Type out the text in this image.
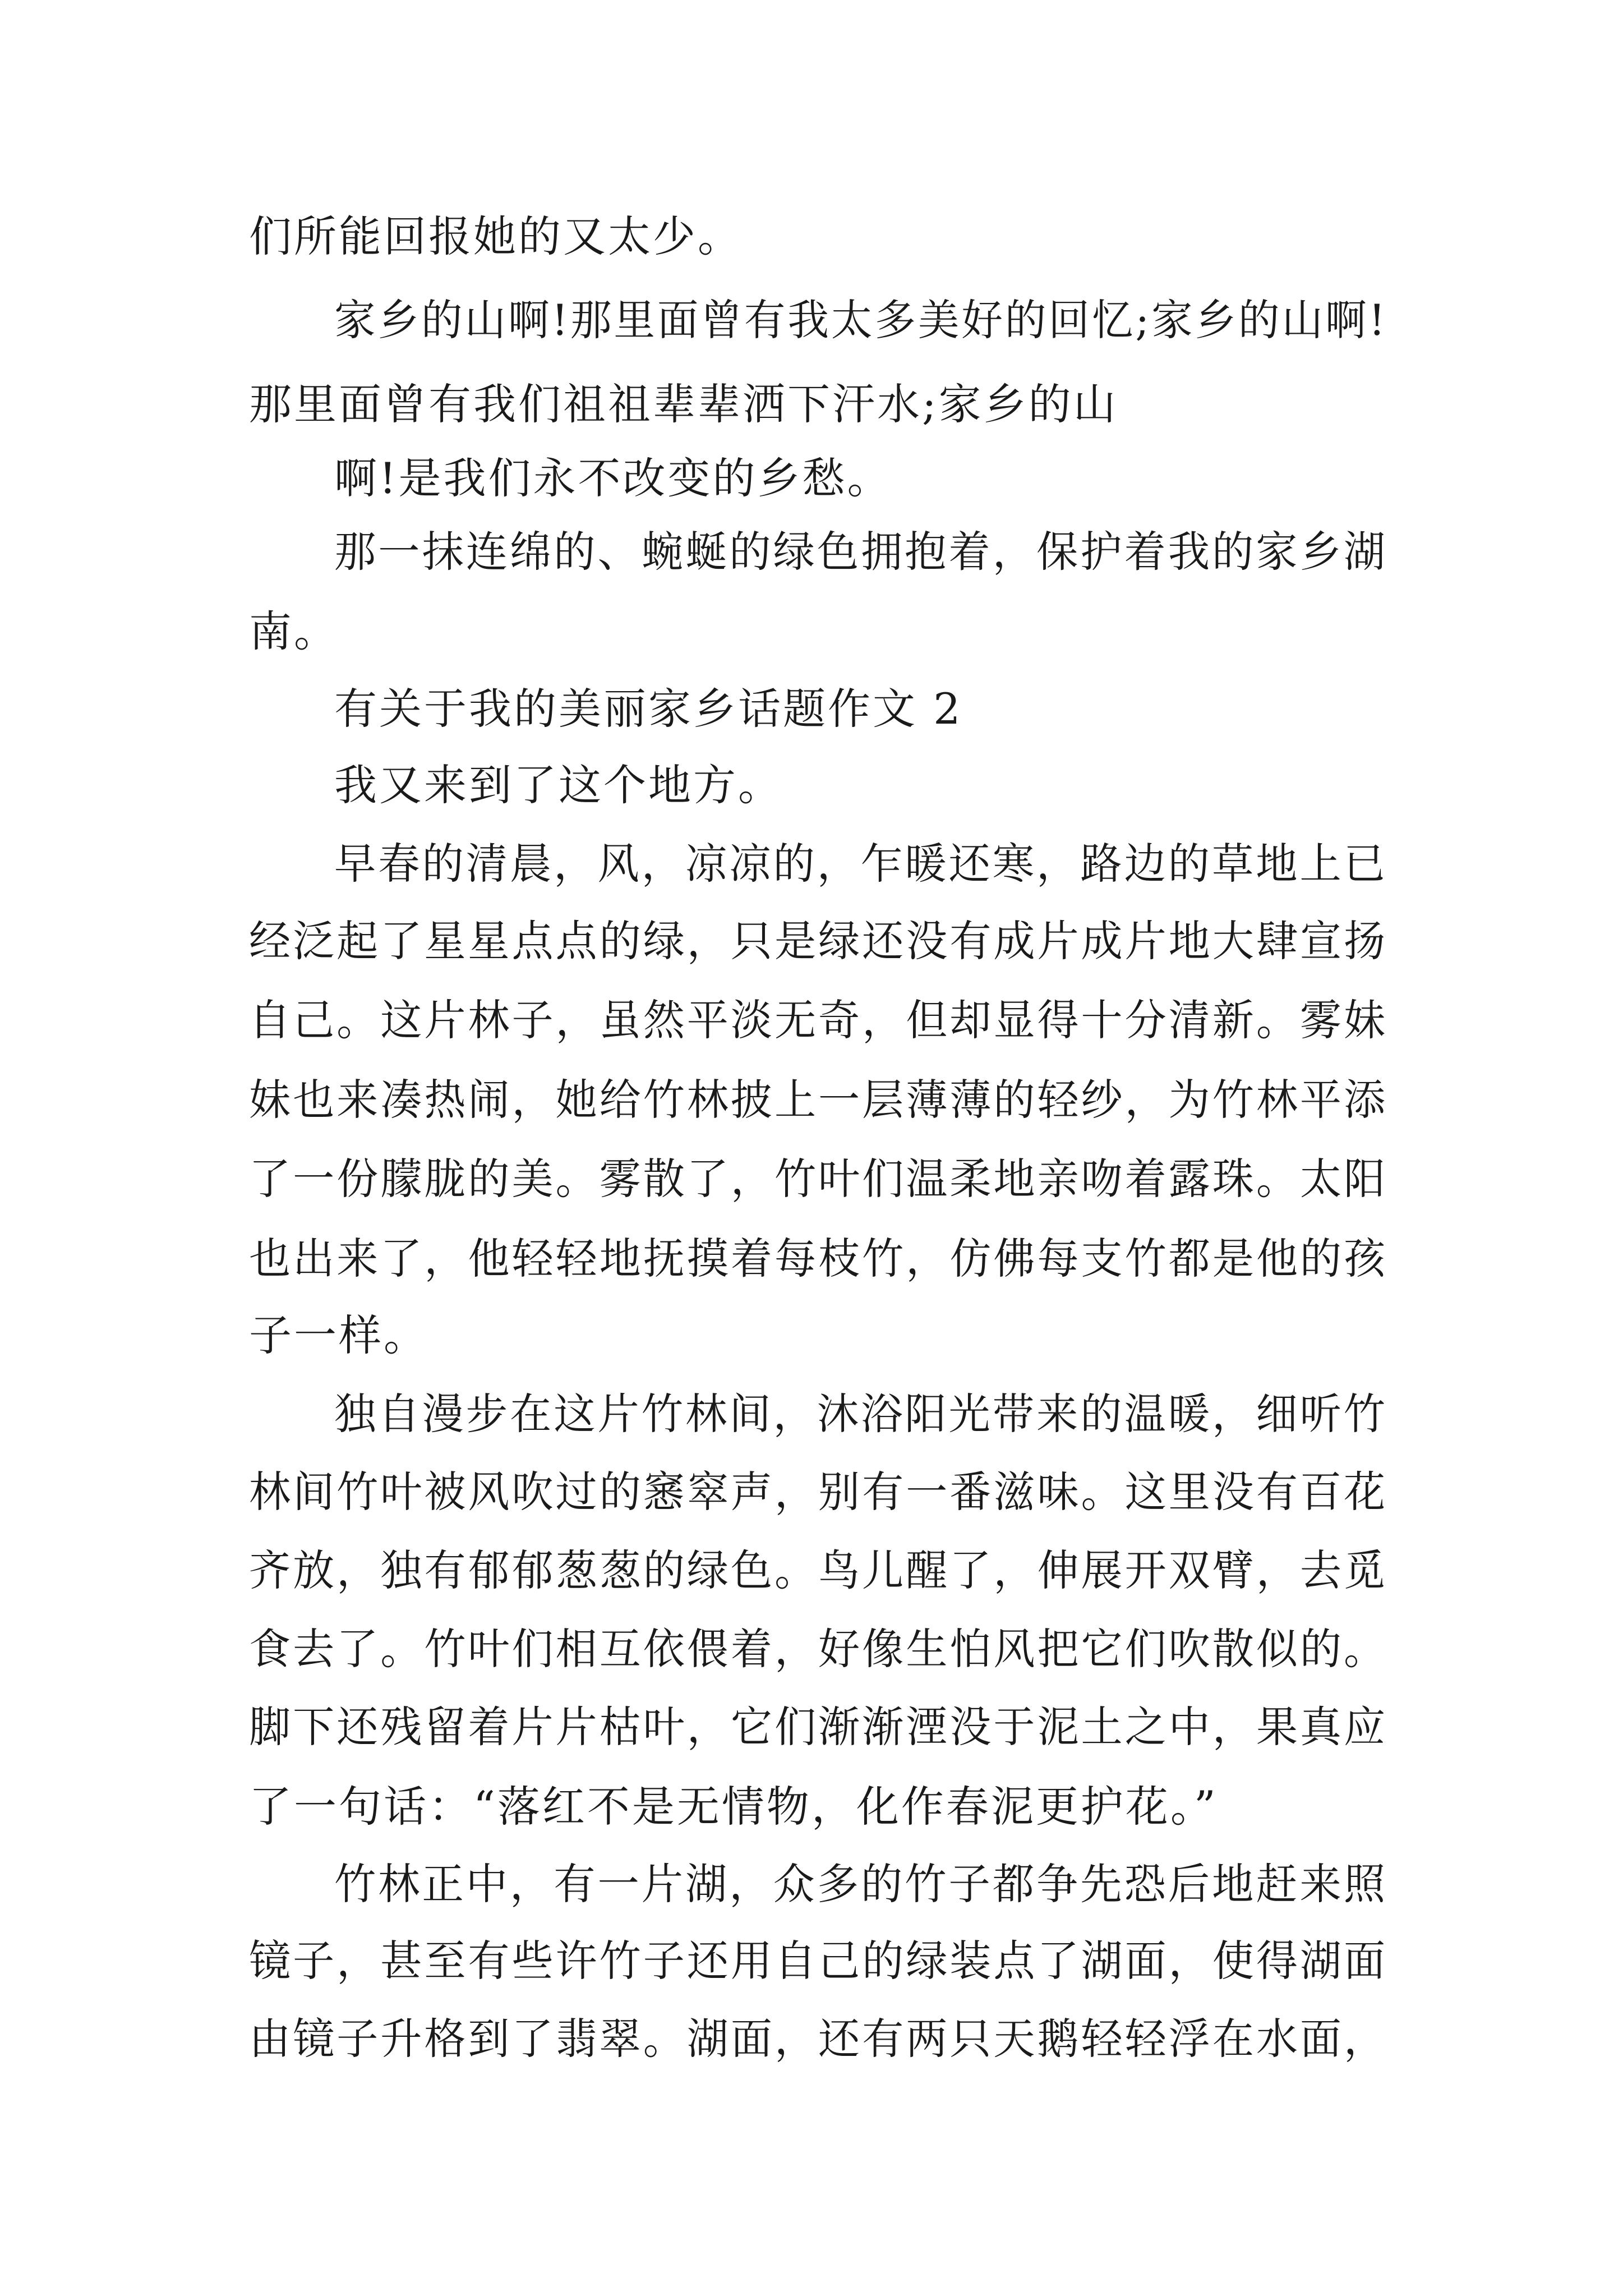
们所能回报她的又太少。
家乡的山啊!那里面曾有我太多美好的回忆;家乡的山啊!
那里面曾有我们祖祖辈辈洒下汗水;家乡的山
啊!是我们永不改变的乡愁。
那一抹连绵的、蜿蜒的绿色拥抱着，保护着我的家乡湖
南。
有关于我的美丽家乡话题作文 2
我又来到了这个地方。
早春的清晨，风，凉凉的，乍暖还寒，路边的草地上已
经泛起了星星点点的绿，只是绿还没有成片成片地大肆宣扬
自己。这片林子，虽然平淡无奇，但却显得十分清新。雾妹
妹也来凑热闹，她给竹林披上一层薄薄的轻纱，为竹林平添
了一份朦胧的美。雾散了，竹叶们温柔地亲吻着露珠。太阳
也出来了，他轻轻地抚摸着每枝竹，仿佛每支竹都是他的孩
子一样。
独自漫步在这片竹林间，沐浴阳光带来的温暖，细听竹
林间竹叶被风吹过的窸窣声，别有一番滋味。这里没有百花
齐放，独有郁郁葱葱的绿色。鸟儿醒了，伸展开双臂，去觅
食去了。竹叶们相互依偎着，好像生怕风把它们吹散似的。
脚下还残留着片片枯叶，它们渐渐湮没于泥土之中，果真应
了一句话：“落红不是无情物，化作春泥更护花。”
竹林正中，有一片湖，众多的竹子都争先恐后地赶来照
镜子，甚至有些许竹子还用自己的绿装点了湖面，使得湖面
由镜子升格到了翡翠。湖面，还有两只天鹅轻轻浮在水面，
